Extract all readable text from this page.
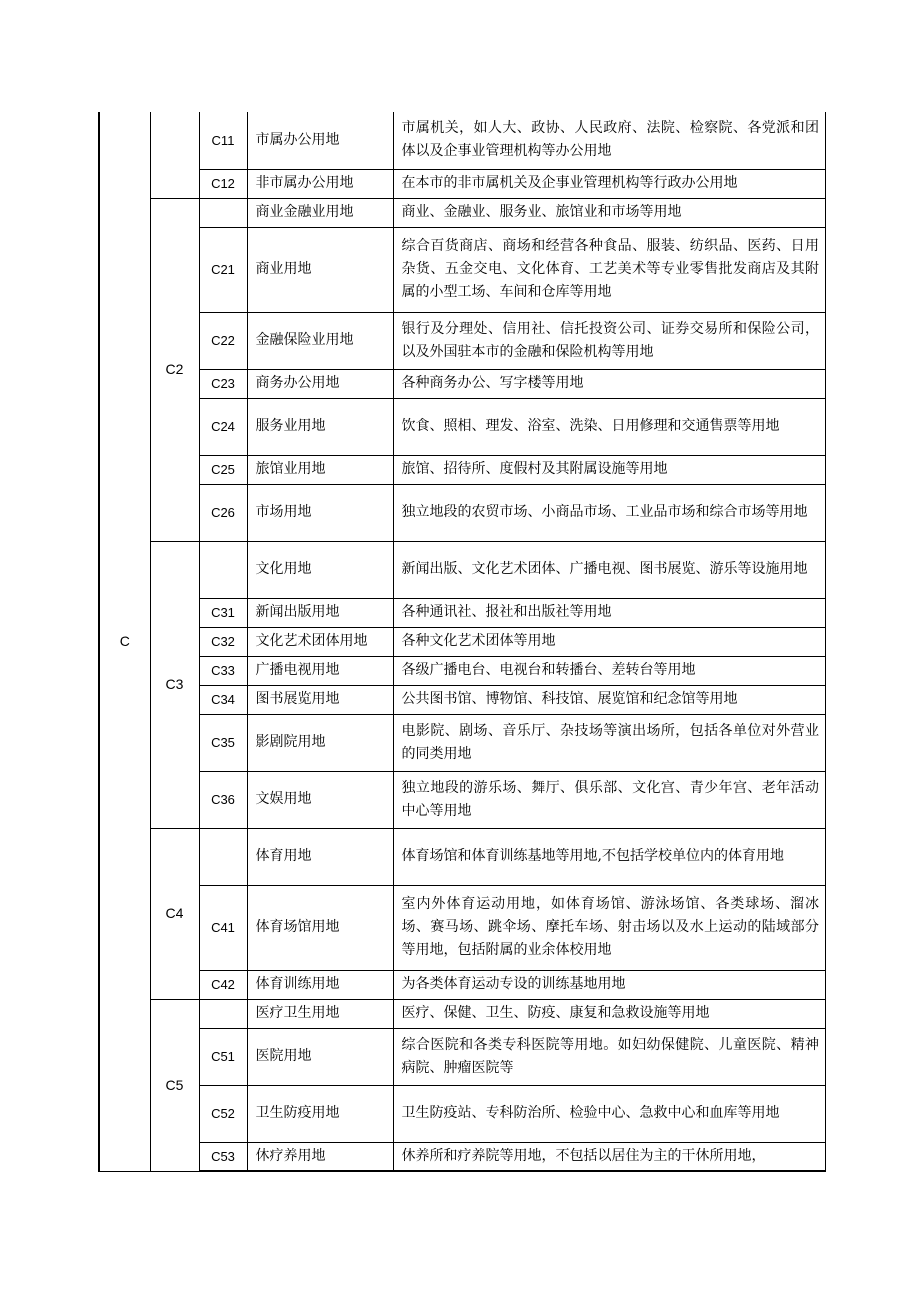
C		C11	市属办公用地	市属机关，如人大、政协、人民政府、法院、检察院、各党派和团体以及企事业管理机构等办公用地
		C12	非市属办公用地	在本市的非市属机关及企事业管理机构等行政办公用地
	C2		商业金融业用地	商业、金融业、服务业、旅馆业和市场等用地
		C21	商业用地	综合百货商店、商场和经营各种食品、服装、纺织品、医药、日用杂货、五金交电、文化体育、工艺美术等专业零售批发商店及其附属的小型工场、车间和仓库等用地
		C22	金融保险业用地	银行及分理处、信用社、信托投资公司、证券交易所和保险公司，以及外国驻本市的金融和保险机构等用地
		C23	商务办公用地	各种商务办公、写字楼等用地
		C24	服务业用地	饮食、照相、理发、浴室、洗染、日用修理和交通售票等用地
		C25	旅馆业用地	旅馆、招待所、度假村及其附属设施等用地
		C26	市场用地	独立地段的农贸市场、小商品市场、工业品市场和综合市场等用地
	C3		文化用地	新闻出版、文化艺术团体、广播电视、图书展览、游乐等设施用地
		C31	新闻出版用地	各种通讯社、报社和出版社等用地
		C32	文化艺术团体用地	各种文化艺术团体等用地
		C33	广播电视用地	各级广播电台、电视台和转播台、差转台等用地
		C34	图书展览用地	公共图书馆、博物馆、科技馆、展览馆和纪念馆等用地
		C35	影剧院用地	电影院、剧场、音乐厅、杂技场等演出场所，包括各单位对外营业的同类用地
		C36	文娱用地	独立地段的游乐场、舞厅、俱乐部、文化宫、青少年宫、老年活动中心等用地
	C4		体育用地	体育场馆和体育训练基地等用地,不包括学校单位内的体育用地
		C41	体育场馆用地	室内外体育运动用地，如体育场馆、游泳场馆、各类球场、溜冰场、赛马场、跳伞场、摩托车场、射击场以及水上运动的陆域部分等用地，包括附属的业余体校用地
		C42	体育训练用地	为各类体育运动专设的训练基地用地
	C5		医疗卫生用地	医疗、保健、卫生、防疫、康复和急救设施等用地
		C51	医院用地	综合医院和各类专科医院等用地。如妇幼保健院、儿童医院、精神病院、肿瘤医院等
		C52	卫生防疫用地	卫生防疫站、专科防治所、检验中心、急救中心和血库等用地
		C53	休疗养用地	休养所和疗养院等用地，不包括以居住为主的干休所用地，
